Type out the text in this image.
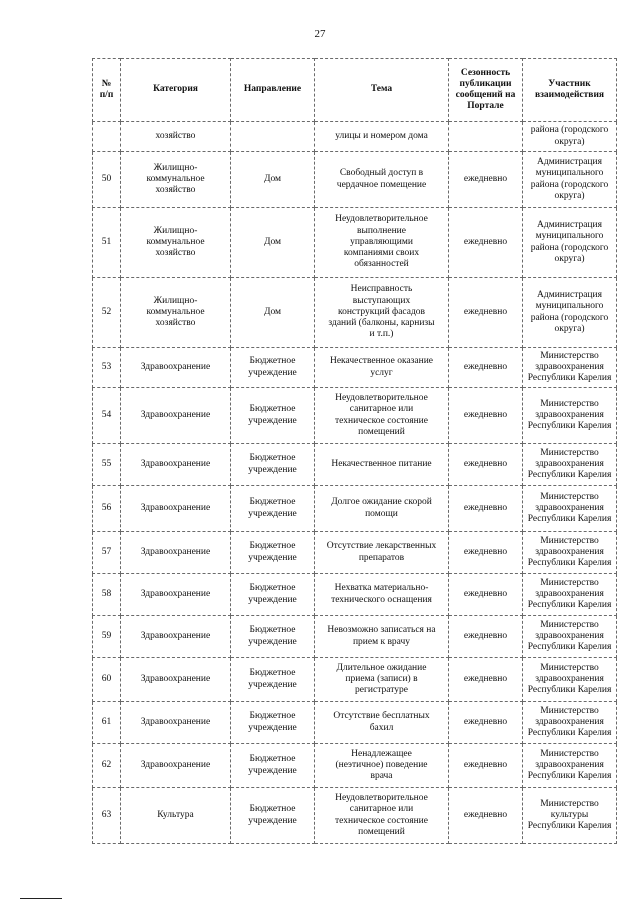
27
№
п/п	Категория	Направление	Тема	Сезонность
публикации
сообщений на
Портале	Участник
взаимодействия

	хозяйство		улицы и номером дома		района (городского
округа)

50	Жилищно-
коммунальное
хозяйство	Дом	Свободный доступ в
чердачное помещение	ежедневно	Администрация
муниципального
района (городского
округа)

51	Жилищно-
коммунальное
хозяйство	Дом	Неудовлетворительное
выполнение
управляющими
компаниями своих
обязанностей	ежедневно	Администрация
муниципального
района (городского
округа)

52	Жилищно-
коммунальное
хозяйство	Дом	Неисправность
выступающих
конструкций фасадов
зданий (балконы, карнизы
и т.п.)	ежедневно	Администрация
муниципального
района (городского
округа)

53	Здравоохранение	Бюджетное
учреждение	Некачественное оказание
услуг	ежедневно	Министерство
здравоохранения
Республики Карелия

54	Здравоохранение	Бюджетное
учреждение	Неудовлетворительное
санитарное или
техническое состояние
помещений	ежедневно	Министерство
здравоохранения
Республики Карелия

55	Здравоохранение	Бюджетное
учреждение	Некачественное питание	ежедневно	Министерство
здравоохранения
Республики Карелия

56	Здравоохранение	Бюджетное
учреждение	Долгое ожидание скорой
помощи	ежедневно	Министерство
здравоохранения
Республики Карелия

57	Здравоохранение	Бюджетное
учреждение	Отсутствие лекарственных
препаратов	ежедневно	Министерство
здравоохранения
Республики Карелия

58	Здравоохранение	Бюджетное
учреждение	Нехватка материально-
технического оснащения	ежедневно	Министерство
здравоохранения
Республики Карелия

59	Здравоохранение	Бюджетное
учреждение	Невозможно записаться на
прием к врачу	ежедневно	Министерство
здравоохранения
Республики Карелия

60	Здравоохранение	Бюджетное
учреждение	Длительное ожидание
приема (записи) в
регистратуре	ежедневно	Министерство
здравоохранения
Республики Карелия

61	Здравоохранение	Бюджетное
учреждение	Отсутствие бесплатных
бахил	ежедневно	Министерство
здравоохранения
Республики Карелия

62	Здравоохранение	Бюджетное
учреждение	Ненадлежащее
(неэтичное) поведение
врача	ежедневно	Министерство
здравоохранения
Республики Карелия

63	Культура	Бюджетное
учреждение	Неудовлетворительное
санитарное или
техническое состояние
помещений	ежедневно	Министерство
культуры
Республики Карелия
